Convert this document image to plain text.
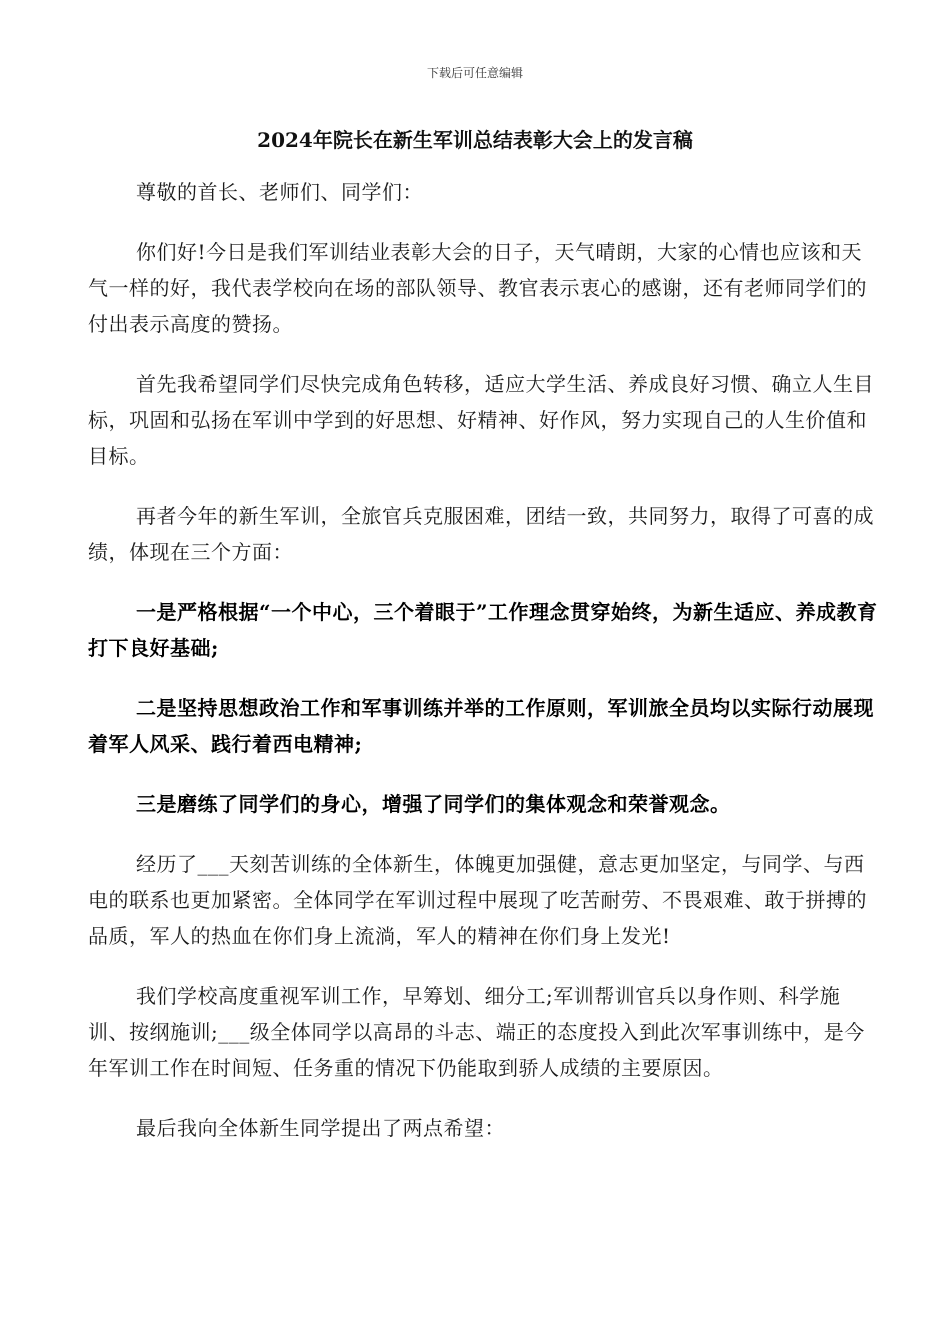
下载后可任意编辑
2024年院长在新生军训总结表彰大会上的发言稿

尊敬的首长、老师们、同学们：

你们好!今日是我们军训结业表彰大会的日子，天气晴朗，大家的心情也应该和天气一样的好，我代表学校向在场的部队领导、教官表示衷心的感谢，还有老师同学们的付出表示高度的赞扬。

首先我希望同学们尽快完成角色转移，适应大学生活、养成良好习惯、确立人生目标，巩固和弘扬在军训中学到的好思想、好精神、好作风，努力实现自己的人生价值和目标。

再者今年的新生军训，全旅官兵克服困难，团结一致，共同努力，取得了可喜的成绩，体现在三个方面：

一是严格根据“一个中心，三个着眼于”工作理念贯穿始终，为新生适应、养成教育打下良好基础;

二是坚持思想政治工作和军事训练并举的工作原则，军训旅全员均以实际行动展现着军人风采、践行着西电精神;

三是磨练了同学们的身心，增强了同学们的集体观念和荣誉观念。

经历了___天刻苦训练的全体新生，体魄更加强健，意志更加坚定，与同学、与西电的联系也更加紧密。全体同学在军训过程中展现了吃苦耐劳、不畏艰难、敢于拼搏的品质，军人的热血在你们身上流淌，军人的精神在你们身上发光!

我们学校高度重视军训工作，早筹划、细分工;军训帮训官兵以身作则、科学施训、按纲施训;___级全体同学以高昂的斗志、端正的态度投入到此次军事训练中，是今年军训工作在时间短、任务重的情况下仍能取到骄人成绩的主要原因。

最后我向全体新生同学提出了两点希望：
